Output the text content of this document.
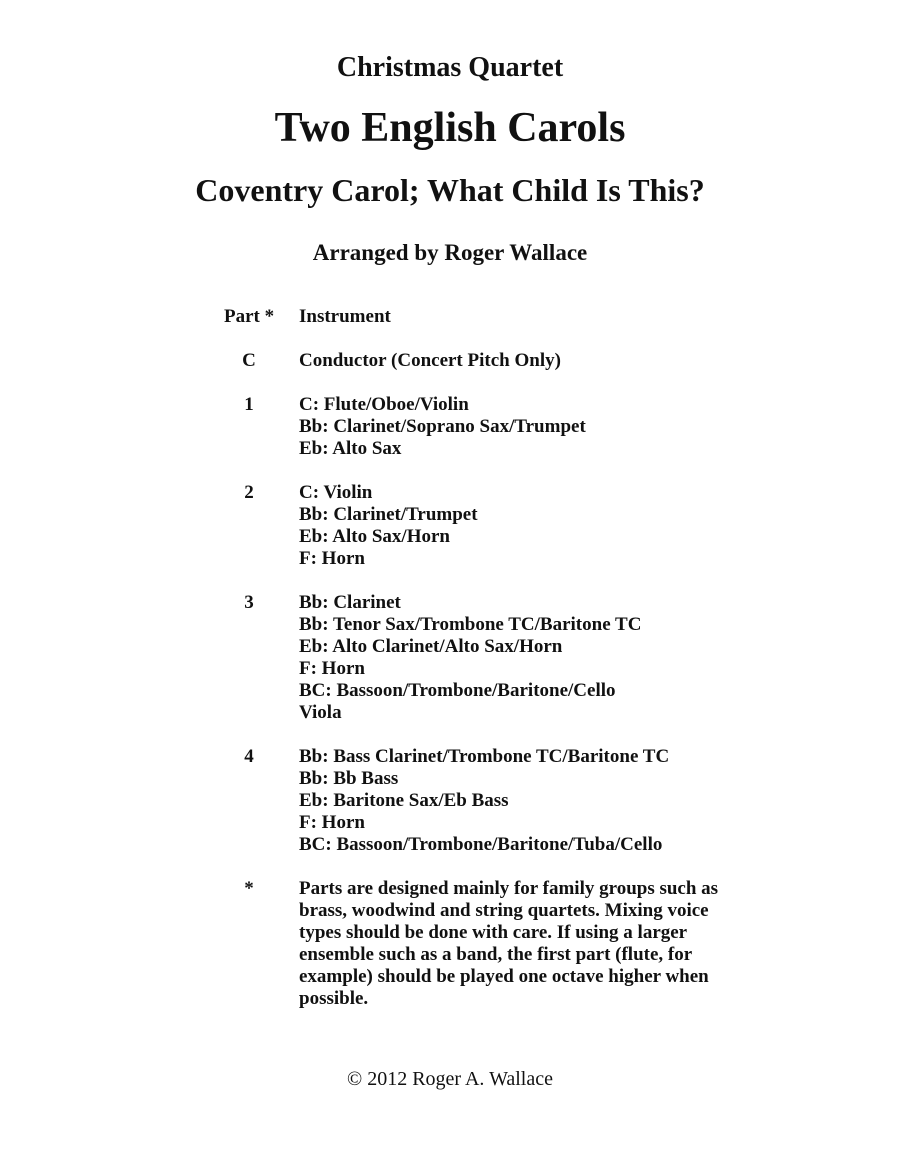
Christmas Quartet
Two English Carols
Coventry Carol; What Child Is This?
Arranged by Roger Wallace
Part *	Instrument
C	Conductor (Concert Pitch Only)
1	C: Flute/Oboe/Violin
Bb: Clarinet/Soprano Sax/Trumpet
Eb: Alto Sax
2	C: Violin
Bb: Clarinet/Trumpet
Eb: Alto Sax/Horn
F: Horn
3	Bb: Clarinet
Bb: Tenor Sax/Trombone TC/Baritone TC
Eb: Alto Clarinet/Alto Sax/Horn
F: Horn
BC: Bassoon/Trombone/Baritone/Cello
Viola
4	Bb: Bass Clarinet/Trombone TC/Baritone TC
Bb: Bb Bass
Eb: Baritone Sax/Eb Bass
F: Horn
BC: Bassoon/Trombone/Baritone/Tuba/Cello
*	Parts are designed mainly for family groups such as brass, woodwind and string quartets. Mixing voice types should be done with care. If using a larger ensemble such as a band, the first part (flute, for example) should be played one octave higher when possible.
© 2012 Roger A. Wallace
